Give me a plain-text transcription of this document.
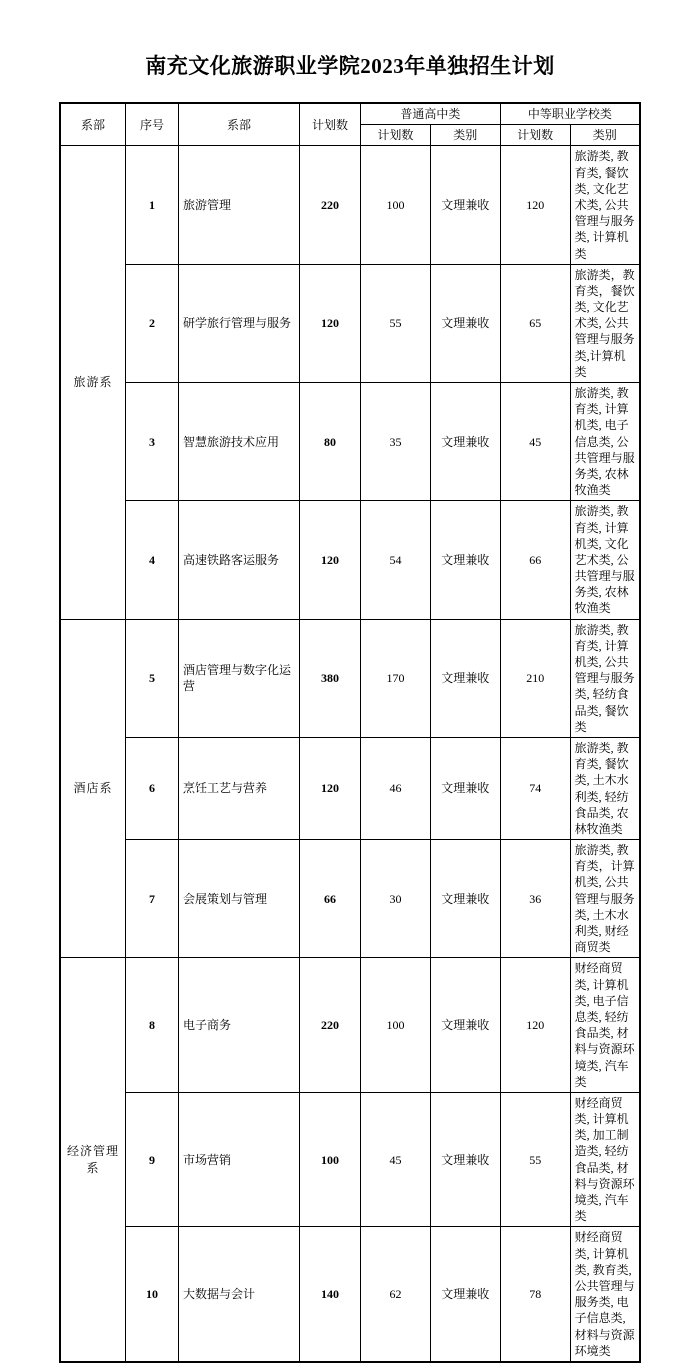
南充文化旅游职业学院2023年单独招生计划
系部	序号	系部	计划数	普通高中类		中等职业学校类	
				计划数	类别	计划数	类别
旅游系	1	旅游管理	220	100	文理兼收	120	旅游类, 教育类, 餐饮类, 文化艺术类, 公共管理与服务类, 计算机类
	2	研学旅行管理与服务	120	55	文理兼收	65	旅游类，教育类，餐饮类, 文化艺术类, 公共管理与服务类,计算机类
	3	智慧旅游技术应用	80	35	文理兼收	45	旅游类, 教育类, 计算机类, 电子信息类, 公共管理与服务类, 农林牧渔类
	4	高速铁路客运服务	120	54	文理兼收	66	旅游类, 教育类, 计算机类, 文化艺术类, 公共管理与服务类, 农林牧渔类
酒店系	5	酒店管理与数字化运营	380	170	文理兼收	210	旅游类, 教育类, 计算机类, 公共管理与服务类, 轻纺食品类, 餐饮类
	6	烹饪工艺与营养	120	46	文理兼收	74	旅游类, 教育类, 餐饮类, 土木水利类, 轻纺食品类, 农林牧渔类
	7	会展策划与管理	66	30	文理兼收	36	旅游类, 教育类，计算机类, 公共管理与服务类, 土木水利类, 财经商贸类
经济管理系	8	电子商务	220	100	文理兼收	120	财经商贸类, 计算机类, 电子信息类, 轻纺食品类, 材料与资源环境类, 汽车类
	9	市场营销	100	45	文理兼收	55	财经商贸类, 计算机类, 加工制造类, 轻纺食品类, 材料与资源环境类, 汽车类
	10	大数据与会计	140	62	文理兼收	78	财经商贸类, 计算机类, 教育类, 公共管理与服务类, 电子信息类, 材料与资源环境类
